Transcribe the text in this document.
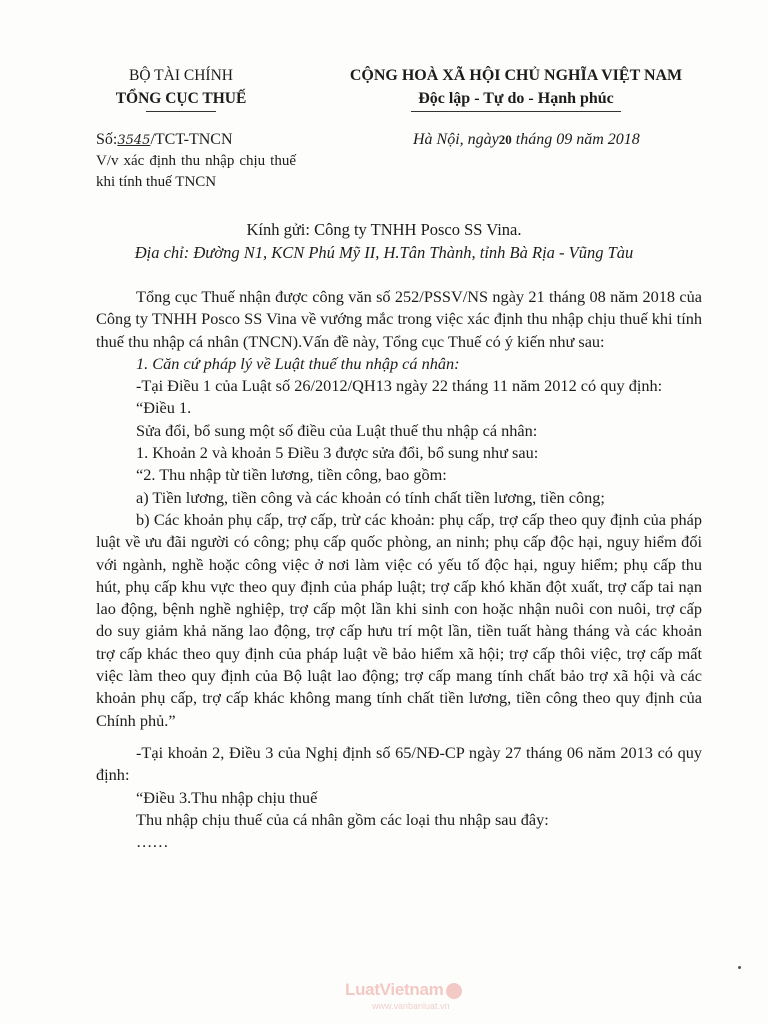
BỘ TÀI CHÍNH
TỔNG CỤC THUẾ
CỘNG HOÀ XÃ HỘI CHỦ NGHĨA VIỆT NAM
Độc lập - Tự do - Hạnh phúc
Số:3545/TCT-TNCN
V/v xác định thu nhập chịu thuế khi tính thuế TNCN
Hà Nội, ngày20 tháng 09 năm 2018
Kính gửi: Công ty TNHH Posco SS Vina.
Địa chỉ: Đường N1, KCN Phú Mỹ II, H.Tân Thành, tỉnh Bà Rịa - Vũng Tàu

Tổng cục Thuế nhận được công văn số 252/PSSV/NS ngày 21 tháng 08 năm 2018 của Công ty TNHH Posco SS Vina về vướng mắc trong việc xác định thu nhập chịu thuế khi tính thuế thu nhập cá nhân (TNCN).Vấn đề này, Tổng cục Thuế có ý kiến như sau:

1. Căn cứ pháp lý về Luật thuế thu nhập cá nhân:

-Tại Điều 1 của Luật số 26/2012/QH13 ngày 22 tháng 11 năm 2012 có quy định:

“Điều 1.

Sửa đổi, bổ sung một số điều của Luật thuế thu nhập cá nhân:

1. Khoản 2 và khoản 5 Điều 3 được sửa đổi, bổ sung như sau:

“2. Thu nhập từ tiền lương, tiền công, bao gồm:

a) Tiền lương, tiền công và các khoản có tính chất tiền lương, tiền công;

b) Các khoản phụ cấp, trợ cấp, trừ các khoản: phụ cấp, trợ cấp theo quy định của pháp luật về ưu đãi người có công; phụ cấp quốc phòng, an ninh; phụ cấp độc hại, nguy hiểm đối với ngành, nghề hoặc công việc ở nơi làm việc có yếu tố độc hại, nguy hiểm; phụ cấp thu hút, phụ cấp khu vực theo quy định của pháp luật; trợ cấp khó khăn đột xuất, trợ cấp tai nạn lao động, bệnh nghề nghiệp, trợ cấp một lần khi sinh con hoặc nhận nuôi con nuôi, trợ cấp do suy giảm khả năng lao động, trợ cấp hưu trí một lần, tiền tuất hàng tháng và các khoản trợ cấp khác theo quy định của pháp luật về bảo hiểm xã hội; trợ cấp thôi việc, trợ cấp mất việc làm theo quy định của Bộ luật lao động; trợ cấp mang tính chất bảo trợ xã hội và các khoản phụ cấp, trợ cấp khác không mang tính chất tiền lương, tiền công theo quy định của Chính phủ.”

-Tại khoản 2, Điều 3 của Nghị định số 65/NĐ-CP ngày 27 tháng 06 năm 2013 có quy định:

“Điều 3.Thu nhập chịu thuế

Thu nhập chịu thuế của cá nhân gồm các loại thu nhập sau đây:

……

LuatVietnam
www.vanbanluat.vn
